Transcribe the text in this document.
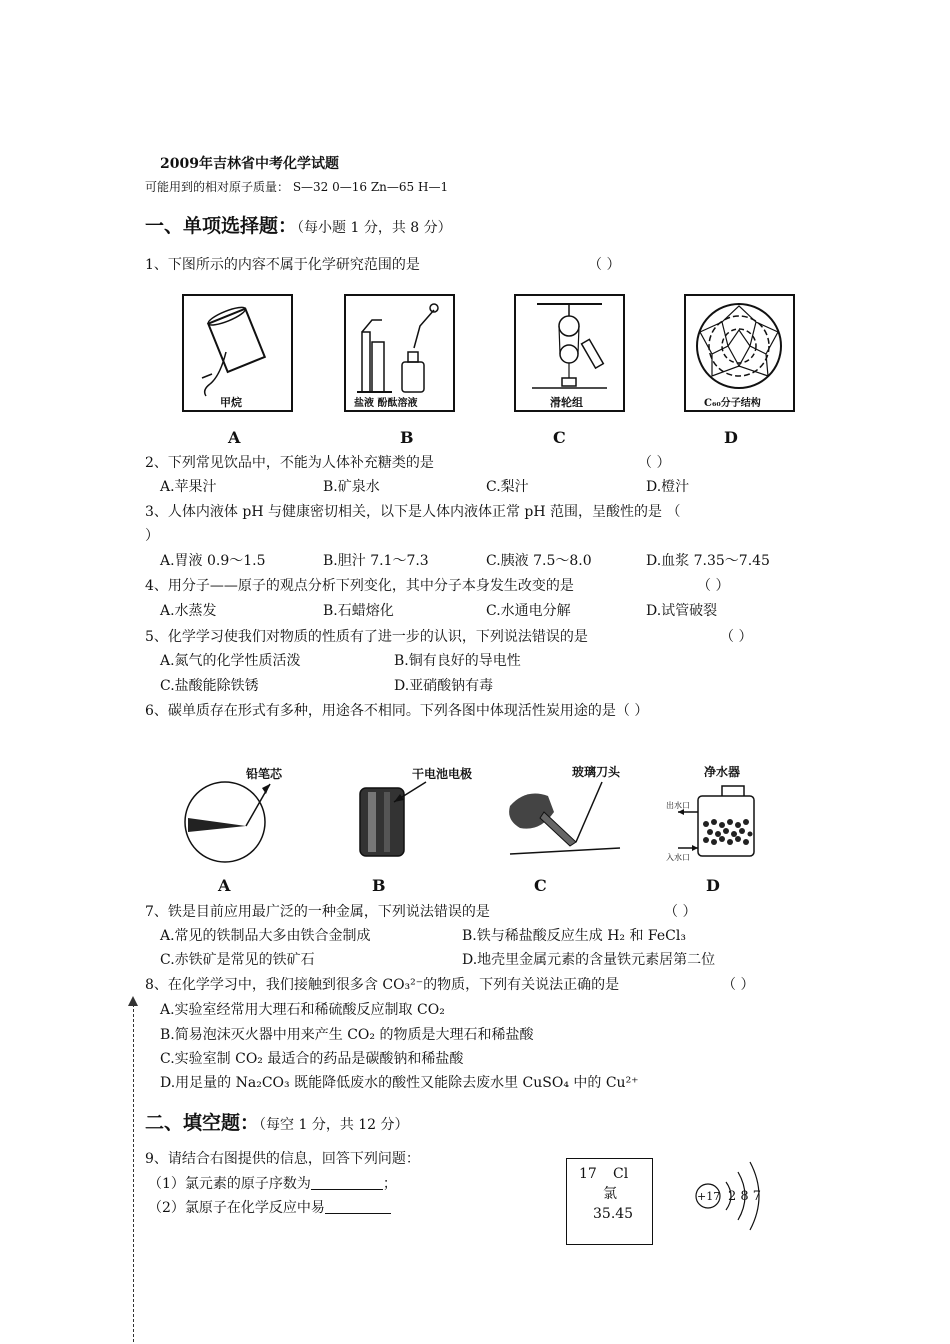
2009年吉林省中考化学试题
可能用到的相对原子质量： S—32 0—16 Zn—65 H—1
一、单项选择题：（每小题 1 分，共 8 分）
1、下图所示的内容不属于化学研究范围的是	（ ）
甲烷	盐液 酚酞溶液	滑轮组	C₆₀分子结构
A	B	C	D
2、下列常见饮品中，不能为人体补充糖类的是	（ ）
A.苹果汁	B.矿泉水	C.梨汁	D.橙汁
3、人体内液体 pH 与健康密切相关，以下是人体内液体正常 pH 范围，呈酸性的是 （
）
A.胃液 0.9～1.5	B.胆汁 7.1～7.3	C.胰液 7.5～8.0	D.血浆 7.35～7.45
4、用分子——原子的观点分析下列变化，其中分子本身发生改变的是	（ ）
A.水蒸发	B.石蜡熔化	C.水通电分解	D.试管破裂
5、化学学习使我们对物质的性质有了进一步的认识，下列说法错误的是	（ ）
A.氮气的化学性质活泼	B.铜有良好的导电性
C.盐酸能除铁锈	D.亚硝酸钠有毒
6、碳单质存在形式有多种，用途各不相同。下列各图中体现活性炭用途的是（ ）
铅笔芯	干电池电极	玻璃刀头	净水器
出水口
入水口
A	B	C	D
7、铁是目前应用最广泛的一种金属，下列说法错误的是	（ ）
A.常见的铁制品大多由铁合金制成	B.铁与稀盐酸反应生成 H₂ 和 FeCl₃
C.赤铁矿是常见的铁矿石	D.地壳里金属元素的含量铁元素居第二位
8、在化学学习中，我们接触到很多含 CO₃²⁻的物质，下列有关说法正确的是	（ ）
A.实验室经常用大理石和稀硫酸反应制取 CO₂
B.简易泡沫灭火器中用来产生 CO₂ 的物质是大理石和稀盐酸
C.实验室制 CO₂ 最适合的药品是碳酸钠和稀盐酸
D.用足量的 Na₂CO₃ 既能降低废水的酸性又能除去废水里 CuSO₄ 中的 Cu²⁺
二、填空题：（每空 1 分，共 12 分）
9、请结合右图提供的信息，回答下列问题：
（1）氯元素的原子序数为	；
（2）氯原子在化学反应中易
17 Cl
氯
35.45
+17 2 8 7
